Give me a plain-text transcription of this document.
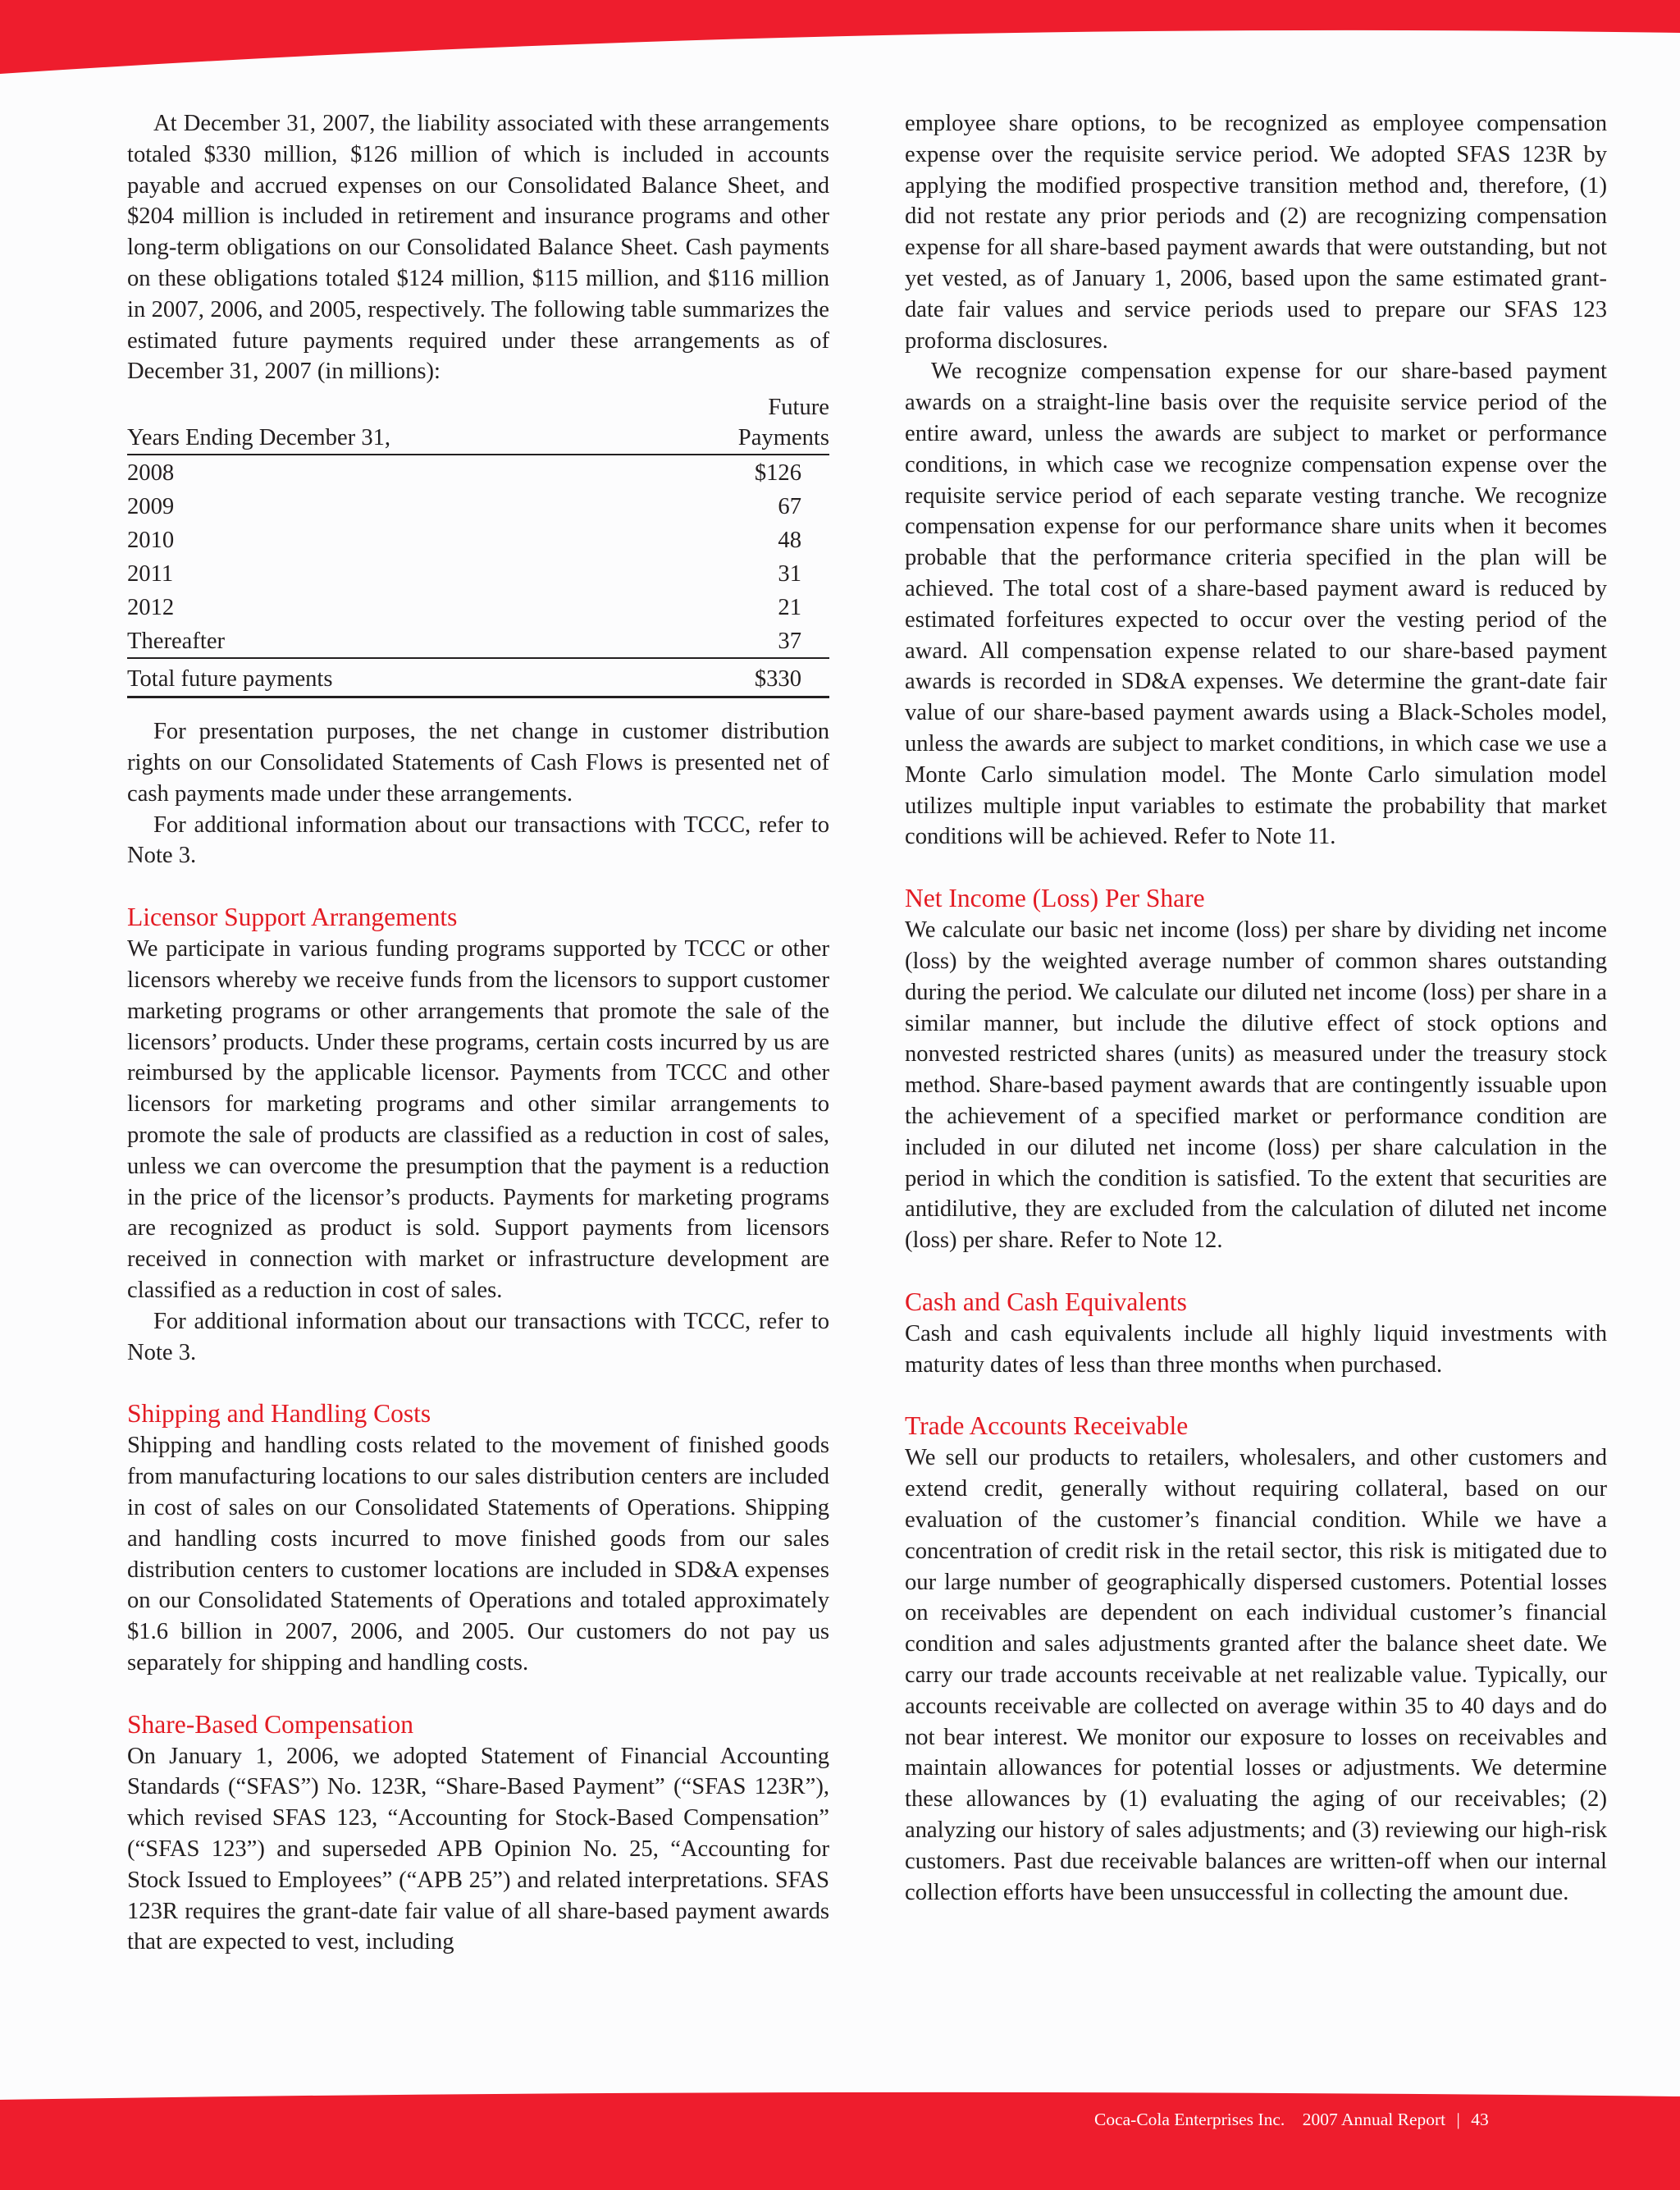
At December 31, 2007, the liability associated with these arrangements totaled $330 million, $126 million of which is included in accounts payable and accrued expenses on our Consolidated Balance Sheet, and $204 million is included in retirement and insurance programs and other long-term obligations on our Consolidated Balance Sheet. Cash payments on these obligations totaled $124 million, $115 million, and $116 million in 2007, 2006, and 2005, respectively. The following table summarizes the estimated future payments required under these arrangements as of December 31, 2007 (in millions):

Years Ending December 31,	Future
Payments
2008	$126
2009	67
2010	48
2011	31
2012	21
Thereafter	37
Total future payments	$330

For presentation purposes, the net change in customer distribution rights on our Consolidated Statements of Cash Flows is presented net of cash payments made under these arrangements.

For additional information about our transactions with TCCC, refer to Note 3.

Licensor Support Arrangements

We participate in various funding programs supported by TCCC or other licensors whereby we receive funds from the licensors to support customer marketing programs or other arrangements that promote the sale of the licensors’ products. Under these programs, certain costs incurred by us are reimbursed by the applicable licensor. Payments from TCCC and other licensors for marketing programs and other similar arrangements to promote the sale of products are classified as a reduction in cost of sales, unless we can overcome the presumption that the payment is a reduction in the price of the licensor’s products. Payments for marketing programs are recognized as product is sold. Support payments from licensors received in connection with market or infrastructure development are classified as a reduction in cost of sales.

For additional information about our transactions with TCCC, refer to Note 3.

Shipping and Handling Costs

Shipping and handling costs related to the movement of finished goods from manufacturing locations to our sales distribution centers are included in cost of sales on our Consolidated Statements of Operations. Shipping and handling costs incurred to move finished goods from our sales distribution centers to customer locations are included in SD&A expenses on our Consolidated Statements of Operations and totaled approximately $1.6 billion in 2007, 2006, and 2005. Our customers do not pay us separately for shipping and handling costs.

Share-Based Compensation

On January 1, 2006, we adopted Statement of Financial Accounting Standards (“SFAS”) No. 123R, “Share-Based Payment” (“SFAS 123R”), which revised SFAS 123, “Accounting for Stock-Based Compensation” (“SFAS 123”) and superseded APB Opinion No. 25, “Accounting for Stock Issued to Employees” (“APB 25”) and related interpretations. SFAS 123R requires the grant-date fair value of all share-based payment awards that are expected to vest, including

employee share options, to be recognized as employee compensation expense over the requisite service period. We adopted SFAS 123R by applying the modified prospective transition method and, therefore, (1) did not restate any prior periods and (2) are recognizing compensation expense for all share-based payment awards that were outstanding, but not yet vested, as of January 1, 2006, based upon the same estimated grant-date fair values and service periods used to prepare our SFAS 123 proforma disclosures.

We recognize compensation expense for our share-based payment awards on a straight-line basis over the requisite service period of the entire award, unless the awards are subject to market or performance conditions, in which case we recognize compensation expense over the requisite service period of each separate vesting tranche. We recognize compensation expense for our performance share units when it becomes probable that the performance criteria specified in the plan will be achieved. The total cost of a share-based payment award is reduced by estimated forfeitures expected to occur over the vesting period of the award. All compensation expense related to our share-based payment awards is recorded in SD&A expenses. We determine the grant-date fair value of our share-based payment awards using a Black-Scholes model, unless the awards are subject to market conditions, in which case we use a Monte Carlo simulation model. The Monte Carlo simulation model utilizes multiple input variables to estimate the probability that market conditions will be achieved. Refer to Note 11.

Net Income (Loss) Per Share

We calculate our basic net income (loss) per share by dividing net income (loss) by the weighted average number of common shares outstanding during the period. We calculate our diluted net income (loss) per share in a similar manner, but include the dilutive effect of stock options and nonvested restricted shares (units) as measured under the treasury stock method. Share-based payment awards that are contingently issuable upon the achievement of a specified market or performance condition are included in our diluted net income (loss) per share calculation in the period in which the condition is satisfied. To the extent that securities are antidilutive, they are excluded from the calculation of diluted net income (loss) per share. Refer to Note 12.

Cash and Cash Equivalents

Cash and cash equivalents include all highly liquid investments with maturity dates of less than three months when purchased.

Trade Accounts Receivable

We sell our products to retailers, wholesalers, and other customers and extend credit, generally without requiring collateral, based on our evaluation of the customer’s financial condition. While we have a concentration of credit risk in the retail sector, this risk is mitigated due to our large number of geographically dispersed customers. Potential losses on receivables are dependent on each individual customer’s financial condition and sales adjustments granted after the balance sheet date. We carry our trade accounts receivable at net realizable value. Typically, our accounts receivable are collected on average within 35 to 40 days and do not bear interest. We monitor our exposure to losses on receivables and maintain allowances for potential losses or adjustments. We determine these allowances by (1) evaluating the aging of our receivables; (2) analyzing our history of sales adjustments; and (3) reviewing our high-risk customers. Past due receivable balances are written-off when our internal collection efforts have been unsuccessful in collecting the amount due.

Coca-Cola Enterprises Inc. 2007 Annual Report | 43
